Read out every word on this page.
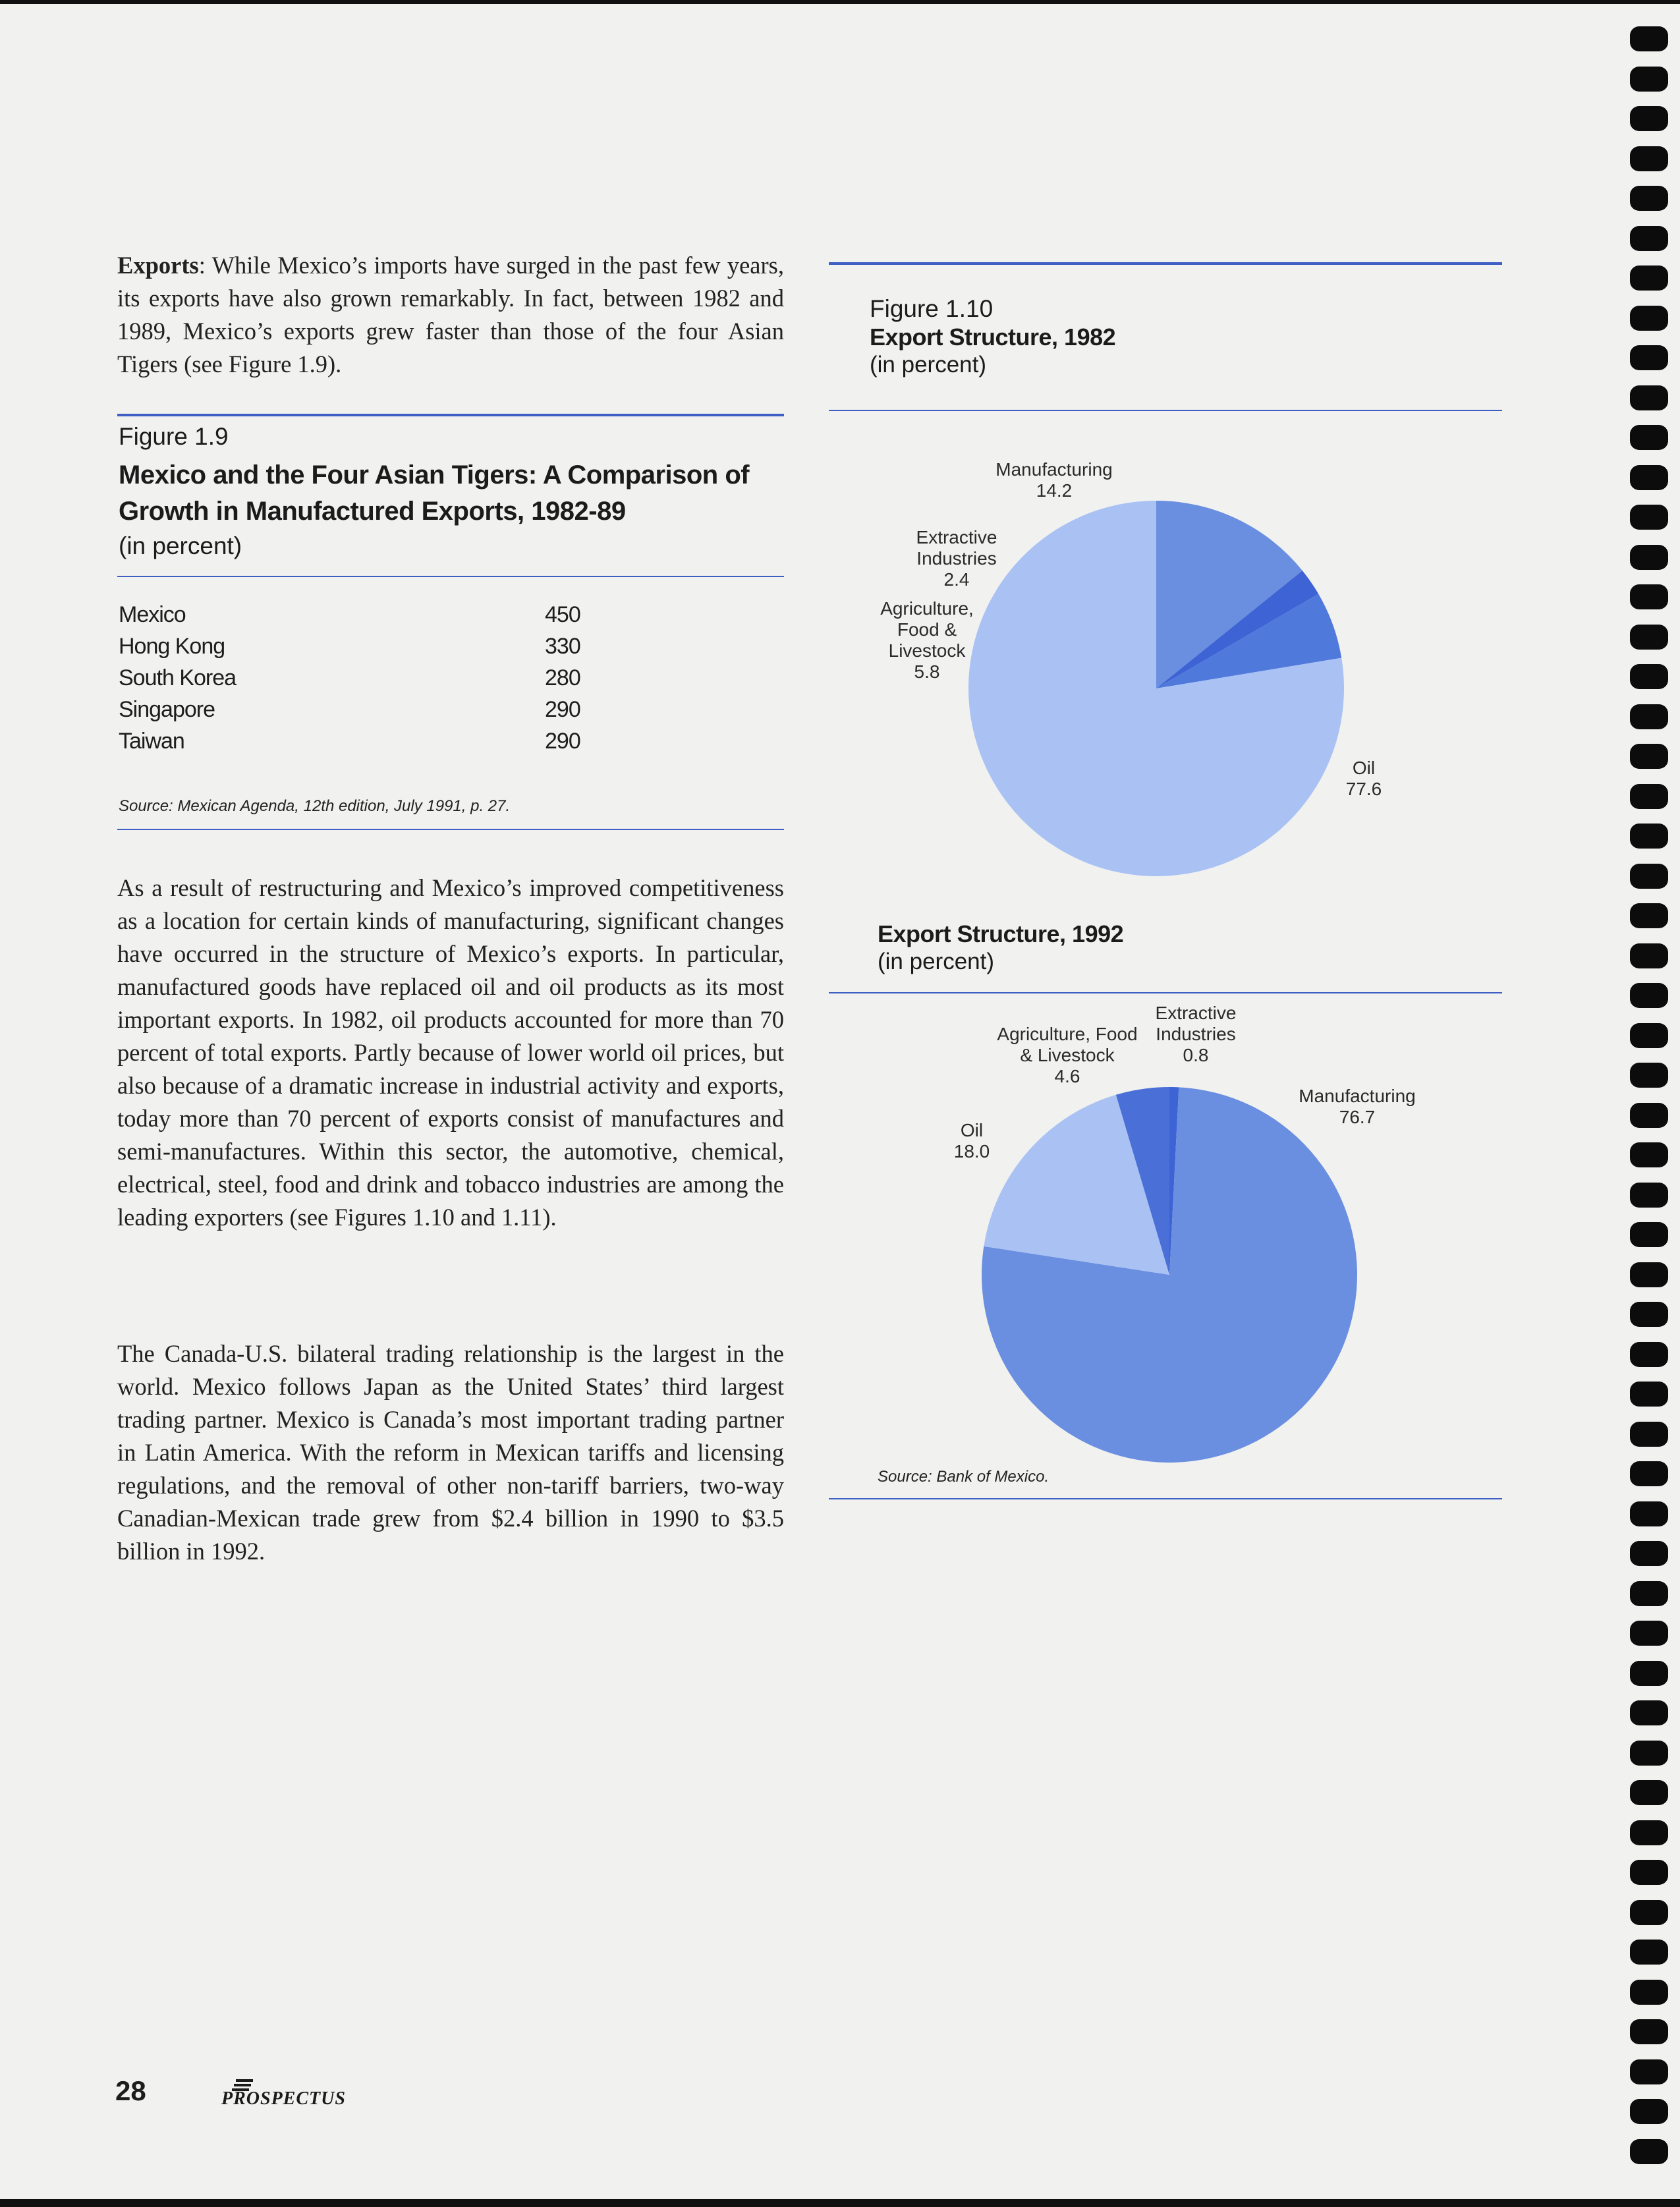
Exports: While Mexico’s imports have surged in the past few years, its exports have also grown remarkably. In fact, between 1982 and 1989, Mexico’s exports grew faster than those of the four Asian Tigers (see Figure 1.9).

Figure 1.9
Mexico and the Four Asian Tigers: A Comparison of
Growth in Manufactured Exports, 1982-89
(in percent)
Mexico	450
Hong Kong	330
South Korea	280
Singapore	290
Taiwan	290
Source: Mexican Agenda, 12th edition, July 1991, p. 27.

As a result of restructuring and Mexico’s improved competitiveness as a location for certain kinds of manufacturing, significant changes have occurred in the structure of Mexico’s exports. In particular, manufactured goods have replaced oil and oil products as its most important exports. In 1982, oil products accounted for more than 70 percent of total exports. Partly because of lower world oil prices, but also because of a dramatic increase in industrial activity and exports, today more than 70 percent of exports consist of manufactures and semi-manufactures. Within this sector, the automotive, chemical, electrical, steel, food and drink and tobacco industries are among the leading exporters (see Figures 1.10 and 1.11).

The Canada-U.S. bilateral trading relationship is the largest in the world. Mexico follows Japan as the United States’ third largest trading partner. Mexico is Canada’s most important trading partner in Latin America. With the reform in Mexican tariffs and licensing regulations, and the removal of other non-tariff barriers, two-way Canadian-Mexican trade grew from $2.4 billion in 1990 to $3.5 billion in 1992.

Figure 1.10
Export Structure, 1982
(in percent)
Manufacturing
14.2
Extractive
Industries
2.4
Agriculture,
Food &
Livestock
5.8
Oil
77.6
Export Structure, 1992
(in percent)
Extractive
Industries
0.8
Agriculture, Food
& Livestock
4.6
Manufacturing
76.7
Oil
18.0
Source: Bank of Mexico.
28	PROSPECTUS
